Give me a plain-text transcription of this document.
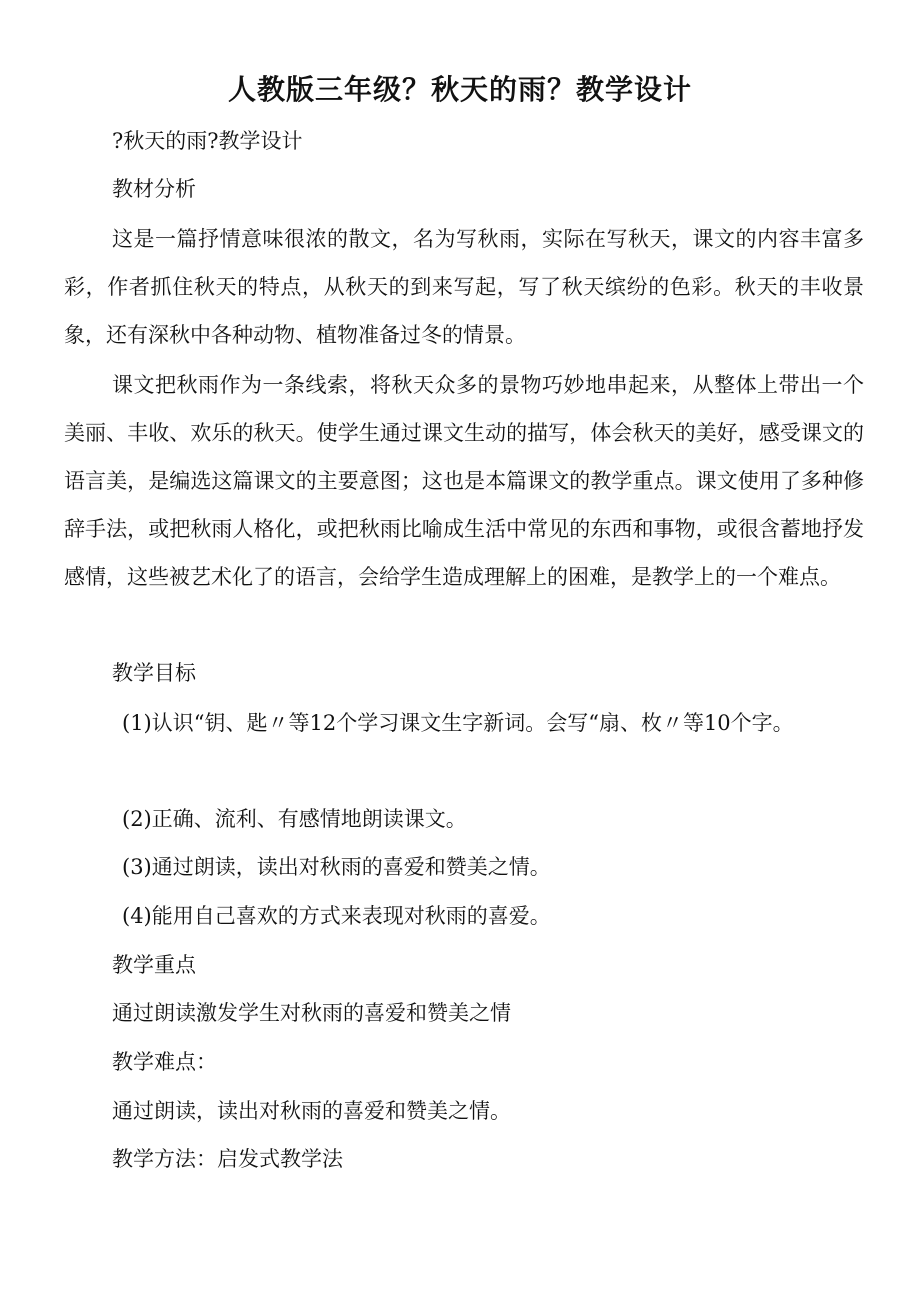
人教版三年级？秋天的雨？教学设计

?秋天的雨?教学设计

教材分析

这是一篇抒情意味很浓的散文，名为写秋雨，实际在写秋天，课文的内容丰富多彩，作者抓住秋天的特点，从秋天的到来写起，写了秋天缤纷的色彩。秋天的丰收景象，还有深秋中各种动物、植物准备过冬的情景。

课文把秋雨作为一条线索，将秋天众多的景物巧妙地串起来，从整体上带出一个美丽、丰收、欢乐的秋天。使学生通过课文生动的描写，体会秋天的美好，感受课文的语言美，是编选这篇课文的主要意图；这也是本篇课文的教学重点。课文使用了多种修辞手法，或把秋雨人格化，或把秋雨比喻成生活中常见的东西和事物，或很含蓄地抒发感情，这些被艺术化了的语言，会给学生造成理解上的困难，是教学上的一个难点。

教学目标

(1)认识“钥、匙〃等12个学习课文生字新词。会写“扇、枚〃等10个字。

(2)正确、流利、有感情地朗读课文。

(3)通过朗读，读出对秋雨的喜爱和赞美之情。

(4)能用自己喜欢的方式来表现对秋雨的喜爱。

教学重点

通过朗读激发学生对秋雨的喜爱和赞美之情

教学难点：

通过朗读，读出对秋雨的喜爱和赞美之情。

教学方法：启发式教学法
